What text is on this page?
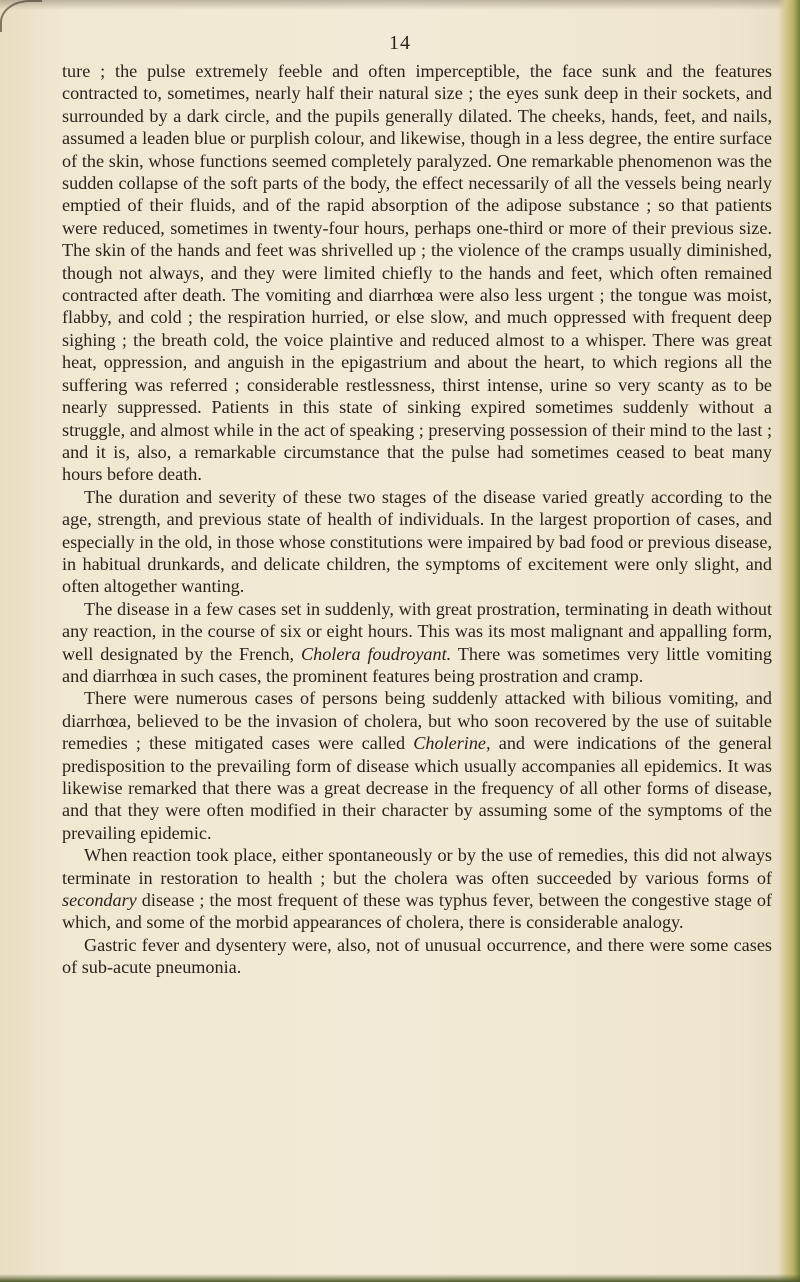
14

ture ; the pulse extremely feeble and often imperceptible, the face sunk and the features contracted to, sometimes, nearly half their natural size ; the eyes sunk deep in their sockets, and surrounded by a dark circle, and the pupils generally dilated. The cheeks, hands, feet, and nails, assumed a leaden blue or purplish colour, and likewise, though in a less degree, the entire surface of the skin, whose functions seemed completely paralyzed. One remarkable phenomenon was the sudden collapse of the soft parts of the body, the effect necessarily of all the vessels being nearly emptied of their fluids, and of the rapid absorption of the adipose substance ; so that patients were reduced, sometimes in twenty-four hours, perhaps one-third or more of their previous size. The skin of the hands and feet was shrivelled up ; the violence of the cramps usually diminished, though not always, and they were limited chiefly to the hands and feet, which often remained contracted after death. The vomiting and diarrhœa were also less urgent ; the tongue was moist, flabby, and cold ; the respiration hurried, or else slow, and much oppressed with frequent deep sighing ; the breath cold, the voice plaintive and reduced almost to a whisper. There was great heat, oppression, and anguish in the epigastrium and about the heart, to which regions all the suffering was referred ; considerable restlessness, thirst intense, urine so very scanty as to be nearly suppressed. Patients in this state of sinking expired sometimes suddenly without a struggle, and almost while in the act of speaking ; preserving possession of their mind to the last ; and it is, also, a remarkable circumstance that the pulse had sometimes ceased to beat many hours before death.

The duration and severity of these two stages of the disease varied greatly according to the age, strength, and previous state of health of individuals. In the largest proportion of cases, and especially in the old, in those whose constitutions were impaired by bad food or previous disease, in habitual drunkards, and delicate children, the symptoms of excitement were only slight, and often altogether wanting.

The disease in a few cases set in suddenly, with great prostration, terminating in death without any reaction, in the course of six or eight hours. This was its most malignant and appalling form, well designated by the French, Cholera foudroyant. There was sometimes very little vomiting and diarrhœa in such cases, the prominent features being prostration and cramp.

There were numerous cases of persons being suddenly attacked with bilious vomiting, and diarrhœa, believed to be the invasion of cholera, but who soon recovered by the use of suitable remedies ; these mitigated cases were called Cholerine, and were indications of the general predisposition to the prevailing form of disease which usually accompanies all epidemics. It was likewise remarked that there was a great decrease in the frequency of all other forms of disease, and that they were often modified in their character by assuming some of the symptoms of the prevailing epidemic.

When reaction took place, either spontaneously or by the use of remedies, this did not always terminate in restoration to health ; but the cholera was often succeeded by various forms of secondary disease ; the most frequent of these was typhus fever, between the congestive stage of which, and some of the morbid appearances of cholera, there is considerable analogy.

Gastric fever and dysentery were, also, not of unusual occurrence, and there were some cases of sub-acute pneumonia.
